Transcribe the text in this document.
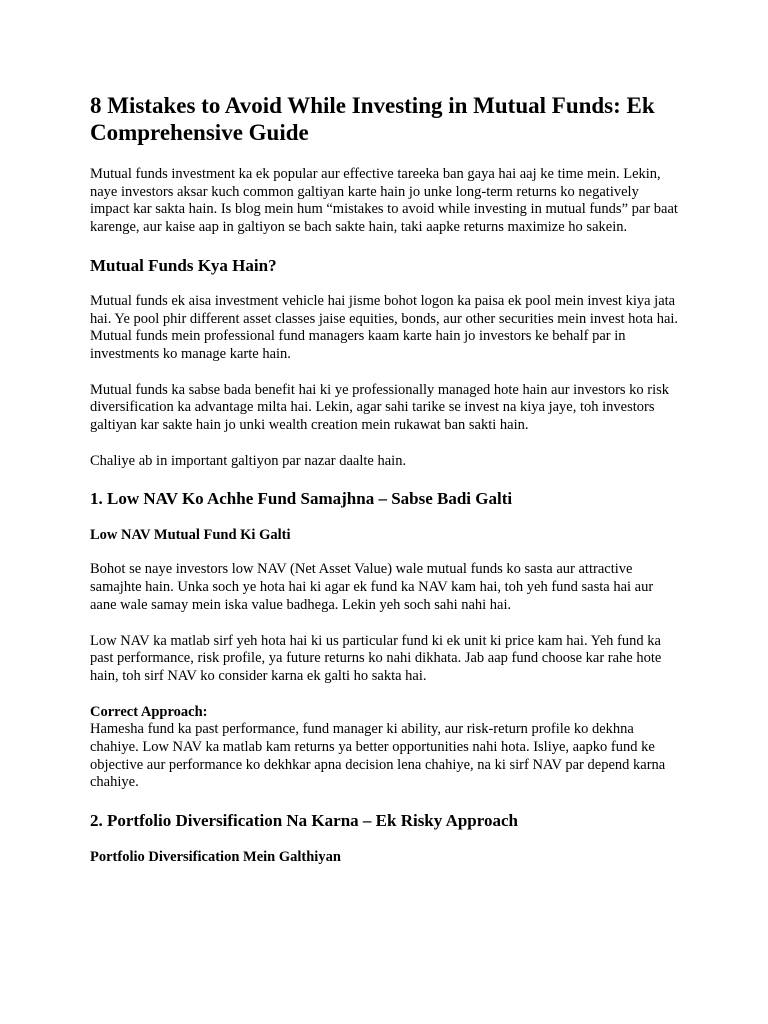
8 Mistakes to Avoid While Investing in Mutual Funds: Ek Comprehensive Guide

Mutual funds investment ka ek popular aur effective tareeka ban gaya hai aaj ke time mein. Lekin, naye investors aksar kuch common galtiyan karte hain jo unke long-term returns ko negatively impact kar sakta hain. Is blog mein hum “mistakes to avoid while investing in mutual funds” par baat karenge, aur kaise aap in galtiyon se bach sakte hain, taki aapke returns maximize ho sakein.

Mutual Funds Kya Hain?

Mutual funds ek aisa investment vehicle hai jisme bohot logon ka paisa ek pool mein invest kiya jata hai. Ye pool phir different asset classes jaise equities, bonds, aur other securities mein invest hota hai. Mutual funds mein professional fund managers kaam karte hain jo investors ke behalf par in investments ko manage karte hain.

Mutual funds ka sabse bada benefit hai ki ye professionally managed hote hain aur investors ko risk diversification ka advantage milta hai. Lekin, agar sahi tarike se invest na kiya jaye, toh investors galtiyan kar sakte hain jo unki wealth creation mein rukawat ban sakti hain.

Chaliye ab in important galtiyon par nazar daalte hain.

1. Low NAV Ko Achhe Fund Samajhna – Sabse Badi Galti
Low NAV Mutual Fund Ki Galti

Bohot se naye investors low NAV (Net Asset Value) wale mutual funds ko sasta aur attractive samajhte hain. Unka soch ye hota hai ki agar ek fund ka NAV kam hai, toh yeh fund sasta hai aur aane wale samay mein iska value badhega. Lekin yeh soch sahi nahi hai.

Low NAV ka matlab sirf yeh hota hai ki us particular fund ki ek unit ki price kam hai. Yeh fund ka past performance, risk profile, ya future returns ko nahi dikhata. Jab aap fund choose kar rahe hote hain, toh sirf NAV ko consider karna ek galti ho sakta hai.

Correct Approach:
Hamesha fund ka past performance, fund manager ki ability, aur risk-return profile ko dekhna chahiye. Low NAV ka matlab kam returns ya better opportunities nahi hota. Isliye, aapko fund ke objective aur performance ko dekhkar apna decision lena chahiye, na ki sirf NAV par depend karna chahiye.

2. Portfolio Diversification Na Karna – Ek Risky Approach
Portfolio Diversification Mein Galthiyan
